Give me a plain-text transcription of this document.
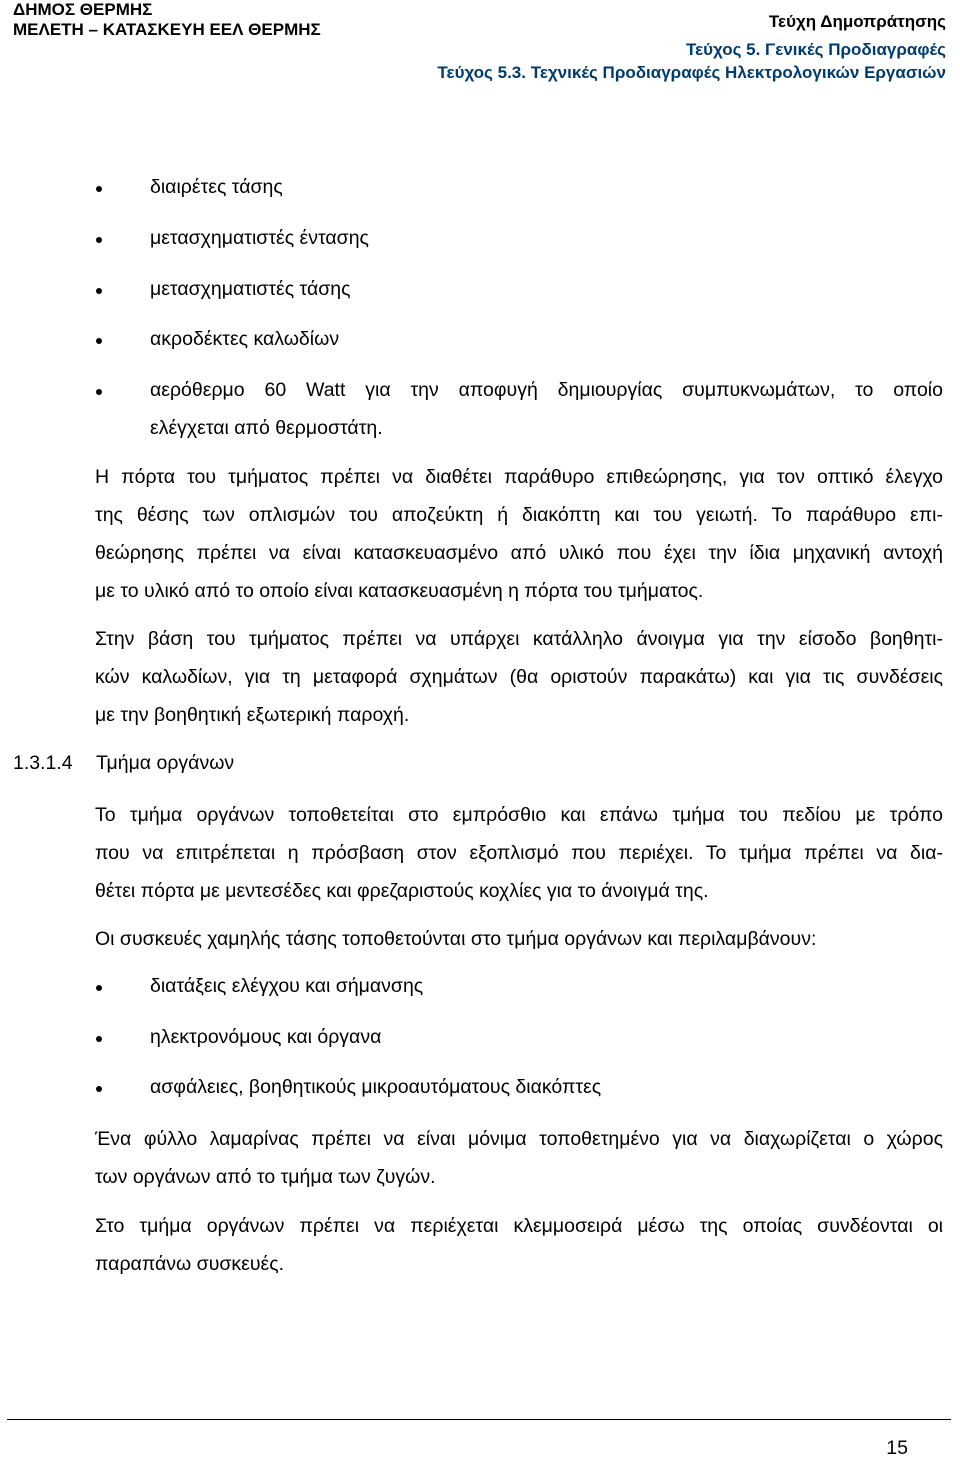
ΔΗΜΟΣ ΘΕΡΜΗΣ
ΜΕΛΕΤΗ – ΚΑΤΑΣΚΕΥΗ ΕΕΛ ΘΕΡΜΗΣ	Τεύχη Δημοπράτησης
Τεύχος 5. Γενικές Προδιαγραφές
Τεύχος 5.3. Τεχνικές Προδιαγραφές Ηλεκτρολογικών Εργασιών
διαιρέτες τάσης
μετασχηματιστές έντασης
μετασχηματιστές τάσης
ακροδέκτες καλωδίων
αερόθερμο 60 Watt για την αποφυγή δημιουργίας συμπυκνωμάτων, το οποίο
ελέγχεται από θερμοστάτη.
Η πόρτα του τμήματος πρέπει να διαθέτει παράθυρο επιθεώρησης, για τον οπτικό έλεγχο
της θέσης των οπλισμών του αποζεύκτη ή διακόπτη και του γειωτή. Το παράθυρο επι-
θεώρησης πρέπει να είναι κατασκευασμένο από υλικό που έχει την ίδια μηχανική αντοχή
με το υλικό από το οποίο είναι κατασκευασμένη η πόρτα του τμήματος.
Στην βάση του τμήματος πρέπει να υπάρχει κατάλληλο άνοιγμα για την είσοδο βοηθητι-
κών καλωδίων, για τη μεταφορά σχημάτων (θα οριστούν παρακάτω) και για τις συνδέσεις
με την βοηθητική εξωτερική παροχή.
1.3.1.4 Τμήμα οργάνων
Το τμήμα οργάνων τοποθετείται στο εμπρόσθιο και επάνω τμήμα του πεδίου με τρόπο
που να επιτρέπεται η πρόσβαση στον εξοπλισμό που περιέχει. Το τμήμα πρέπει να δια-
θέτει πόρτα με μεντεσέδες και φρεζαριστούς κοχλίες για το άνοιγμά της.
Οι συσκευές χαμηλής τάσης τοποθετούνται στο τμήμα οργάνων και περιλαμβάνουν:
διατάξεις ελέγχου και σήμανσης
ηλεκτρονόμους και όργανα
ασφάλειες, βοηθητικούς μικροαυτόματους διακόπτες
Ένα φύλλο λαμαρίνας πρέπει να είναι μόνιμα τοποθετημένο για να διαχωρίζεται ο χώρος
των οργάνων από το τμήμα των ζυγών.
Στο τμήμα οργάνων πρέπει να περιέχεται κλεμμοσειρά μέσω της οποίας συνδέονται οι
παραπάνω συσκευές.
15
